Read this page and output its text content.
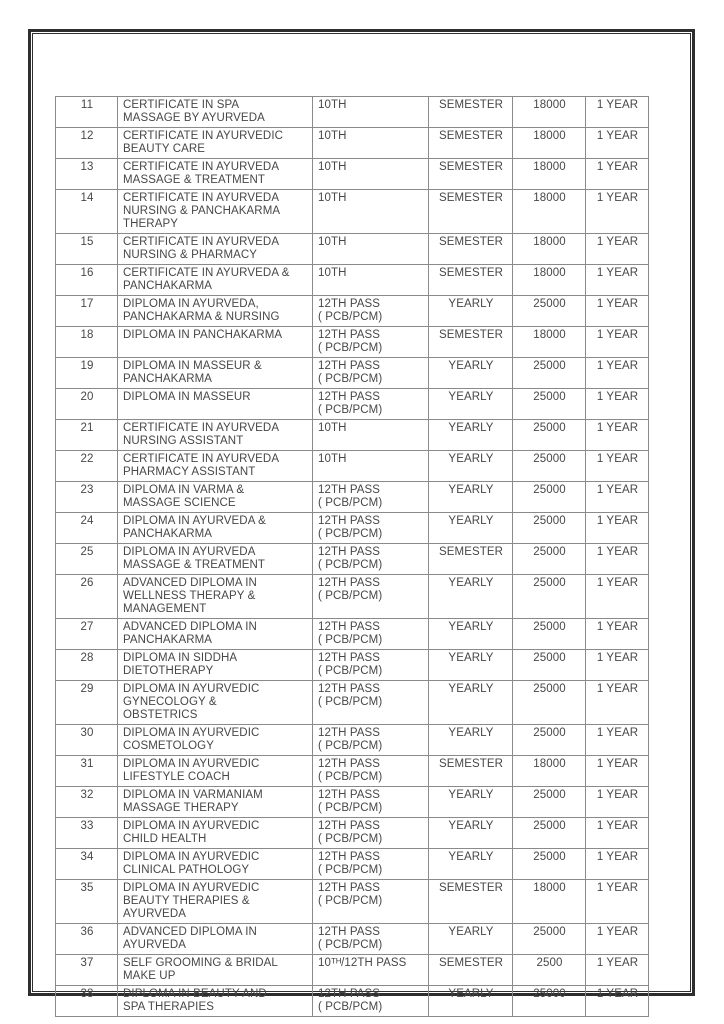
11	CERTIFICATE IN SPA
MASSAGE BY AYURVEDA	10TH	SEMESTER	18000	1 YEAR
12	CERTIFICATE IN AYURVEDIC
BEAUTY CARE	10TH	SEMESTER	18000	1 YEAR
13	CERTIFICATE IN AYURVEDA
MASSAGE & TREATMENT	10TH	SEMESTER	18000	1 YEAR
14	CERTIFICATE IN AYURVEDA
NURSING & PANCHAKARMA
THERAPY	10TH	SEMESTER	18000	1 YEAR
15	CERTIFICATE IN AYURVEDA
NURSING & PHARMACY	10TH	SEMESTER	18000	1 YEAR
16	CERTIFICATE IN AYURVEDA &
PANCHAKARMA	10TH	SEMESTER	18000	1 YEAR
17	DIPLOMA IN AYURVEDA,
PANCHAKARMA & NURSING	12TH PASS
( PCB/PCM)	YEARLY	25000	1 YEAR
18	DIPLOMA IN PANCHAKARMA	12TH PASS
( PCB/PCM)	SEMESTER	18000	1 YEAR
19	DIPLOMA IN MASSEUR &
PANCHAKARMA	12TH PASS
( PCB/PCM)	YEARLY	25000	1 YEAR
20	DIPLOMA IN MASSEUR	12TH PASS
( PCB/PCM)	YEARLY	25000	1 YEAR
21	CERTIFICATE IN AYURVEDA
NURSING ASSISTANT	10TH	YEARLY	25000	1 YEAR
22	CERTIFICATE IN AYURVEDA
PHARMACY ASSISTANT	10TH	YEARLY	25000	1 YEAR
23	DIPLOMA IN VARMA &
MASSAGE SCIENCE	12TH PASS
( PCB/PCM)	YEARLY	25000	1 YEAR
24	DIPLOMA IN AYURVEDA &
PANCHAKARMA	12TH PASS
( PCB/PCM)	YEARLY	25000	1 YEAR
25	DIPLOMA IN AYURVEDA
MASSAGE & TREATMENT	12TH PASS
( PCB/PCM)	SEMESTER	25000	1 YEAR
26	ADVANCED DIPLOMA IN
WELLNESS THERAPY &
MANAGEMENT	12TH PASS
( PCB/PCM)	YEARLY	25000	1 YEAR
27	ADVANCED DIPLOMA IN
PANCHAKARMA	12TH PASS
( PCB/PCM)	YEARLY	25000	1 YEAR
28	DIPLOMA IN SIDDHA
DIETOTHERAPY	12TH PASS
( PCB/PCM)	YEARLY	25000	1 YEAR
29	DIPLOMA IN AYURVEDIC
GYNECOLOGY &
OBSTETRICS	12TH PASS
( PCB/PCM)	YEARLY	25000	1 YEAR
30	DIPLOMA IN AYURVEDIC
COSMETOLOGY	12TH PASS
( PCB/PCM)	YEARLY	25000	1 YEAR
31	DIPLOMA IN AYURVEDIC
LIFESTYLE COACH	12TH PASS
( PCB/PCM)	SEMESTER	18000	1 YEAR
32	DIPLOMA IN VARMANIAM
MASSAGE THERAPY	12TH PASS
( PCB/PCM)	YEARLY	25000	1 YEAR
33	DIPLOMA IN AYURVEDIC
CHILD HEALTH	12TH PASS
( PCB/PCM)	YEARLY	25000	1 YEAR
34	DIPLOMA IN AYURVEDIC
CLINICAL PATHOLOGY	12TH PASS
( PCB/PCM)	YEARLY	25000	1 YEAR
35	DIPLOMA IN AYURVEDIC
BEAUTY THERAPIES &
AYURVEDA	12TH PASS
( PCB/PCM)	SEMESTER	18000	1 YEAR
36	ADVANCED DIPLOMA IN
AYURVEDA	12TH PASS
( PCB/PCM)	YEARLY	25000	1 YEAR
37	SELF GROOMING & BRIDAL
MAKE UP	10ᵀᴴ/12TH PASS	SEMESTER	2500	1 YEAR
38	DIPLOMA IN BEAUTY AND
SPA THERAPIES	12TH PASS
( PCB/PCM)	YEARLY	25000	1 YEAR
